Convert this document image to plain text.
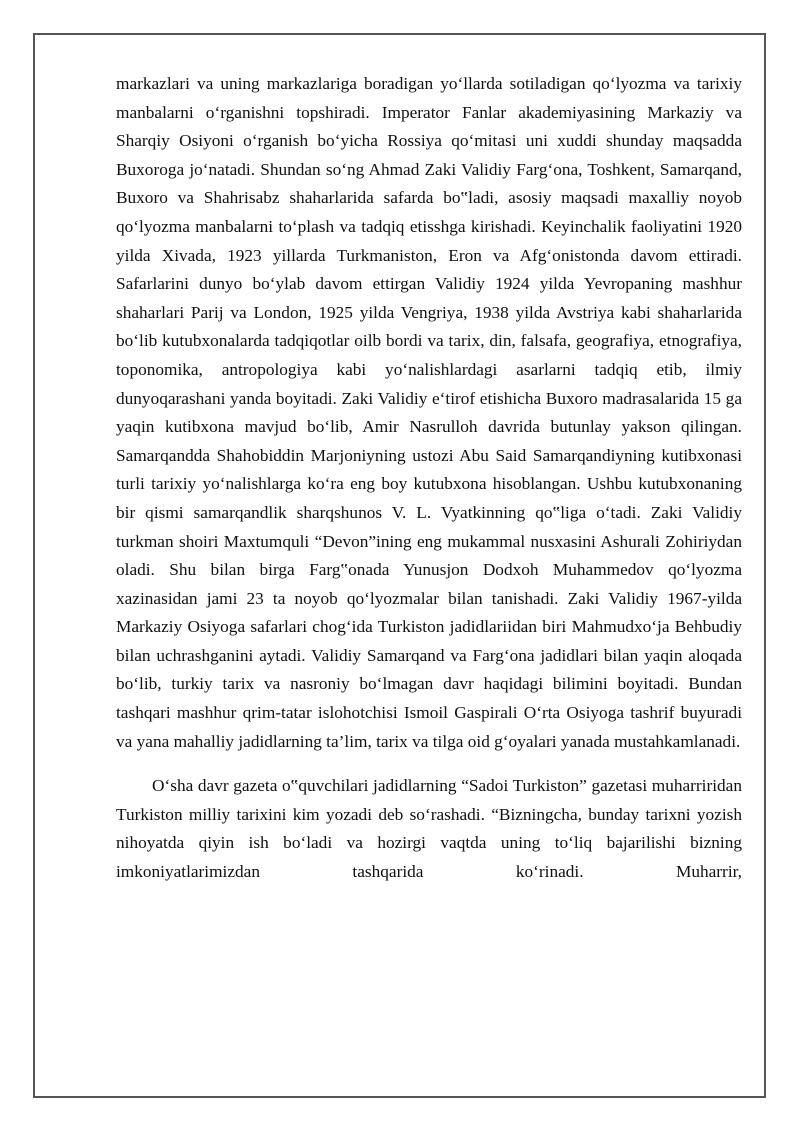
markazlari va uning markazlariga boradigan yo‘llarda sotiladigan qo‘lyozma va tarixiy manbalarni o‘rganishni topshiradi. Imperator Fanlar akademiyasining Markaziy va Sharqiy Osiyoni o‘rganish bo‘yicha Rossiya qo‘mitasi uni xuddi shunday maqsadda Buxoroga jo‘natadi. Shundan so‘ng Ahmad Zaki Validiy Farg‘ona, Toshkent, Samarqand, Buxoro va Shahrisabz shaharlarida safarda bo‟ladi, asosiy maqsadi maxalliy noyob qo‘lyozma manbalarni to‘plash va tadqiq etisshga kirishadi. Keyinchalik faoliyatini 1920 yilda Xivada, 1923 yillarda Turkmaniston, Eron va Afg‘onistonda davom ettiradi. Safarlarini dunyo bo‘ylab davom ettirgan Validiy 1924 yilda Yevropaning mashhur shaharlari Parij va London, 1925 yilda Vengriya, 1938 yilda Avstriya kabi shaharlarida bo‘lib kutubxonalarda tadqiqotlar oilb bordi va tarix, din, falsafa, geografiya, etnografiya, toponomika, antropologiya kabi yo‘nalishlardagi asarlarni tadqiq etib, ilmiy dunyoqarashani yanda boyitadi. Zaki Validiy e‘tirof etishicha Buxoro madrasalarida 15 ga yaqin kutibxona mavjud bo‘lib, Amir Nasrulloh davrida butunlay yakson qilingan. Samarqandda Shahobiddin Marjoniyning ustozi Abu Said Samarqandiyning kutibxonasi turli tarixiy yo‘nalishlarga ko‘ra eng boy kutubxona hisoblangan. Ushbu kutubxonaning bir qismi samarqandlik sharqshunos V. L. Vyatkinning qo‟liga o‘tadi. Zaki Validiy turkman shoiri Maxtumquli “Devon”ining eng mukammal nusxasini Ashurali Zohiriydan oladi. Shu bilan birga Farg‟onada Yunusjon Dodxoh Muhammedov qo‘lyozma xazinasidan jami 23 ta noyob qo‘lyozmalar bilan tanishadi. Zaki Validiy 1967-yilda Markaziy Osiyoga safarlari chog‘ida Turkiston jadidlariidan biri Mahmudxo‘ja Behbudiy bilan uchrashganini aytadi. Validiy Samarqand va Farg‘ona jadidlari bilan yaqin aloqada bo‘lib, turkiy tarix va nasroniy bo‘lmagan davr haqidagi bilimini boyitadi. Bundan tashqari mashhur qrim-tatar islohotchisi Ismoil Gaspirali O‘rta Osiyoga tashrif buyuradi va yana mahalliy jadidlarning ta’lim, tarix va tilga oid g‘oyalari yanada mustahkamlanadi.

O‘sha davr gazeta o‟quvchilari jadidlarning “Sadoi Turkiston” gazetasi muharriridan Turkiston milliy tarixini kim yozadi deb so‘rashadi. “Bizningcha, bunday tarixni yozish nihoyatda qiyin ish bo‘ladi va hozirgi vaqtda uning to‘liq bajarilishi bizning imkoniyatlarimizdan tashqarida ko‘rinadi. Muharrir,
